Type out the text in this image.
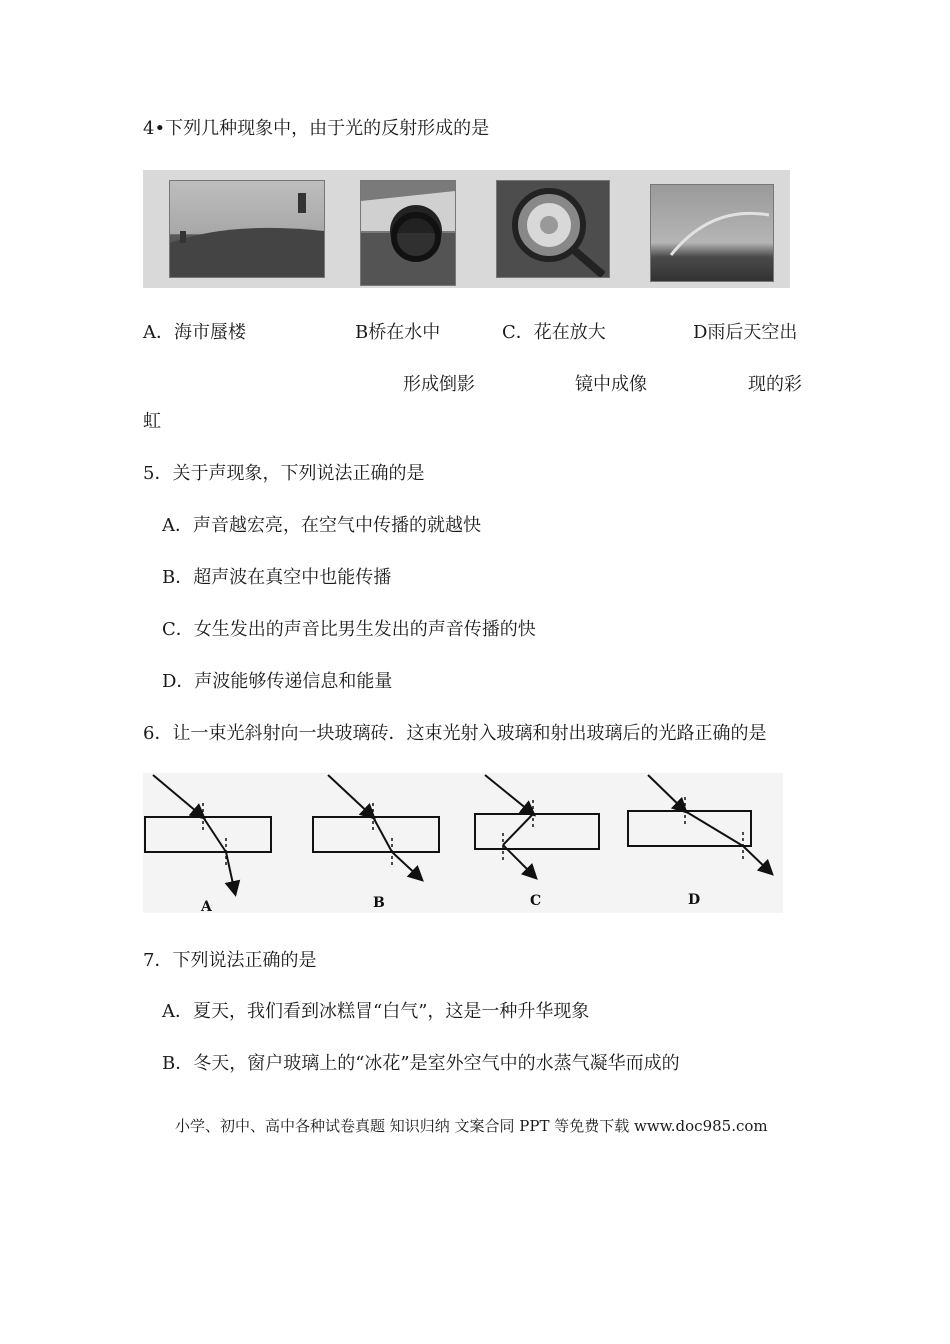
4•下列几种现象中，由于光的反射形成的是
A．海市蜃楼	B桥在水中	C．花在放大	D雨后天空出
形成倒影	镜中成像	现的彩
虹
5．关于声现象，下列说法正确的是
A．声音越宏亮，在空气中传播的就越快
B．超声波在真空中也能传播
C．女生发出的声音比男生发出的声音传播的快
D．声波能够传递信息和能量
6．让一束光斜射向一块玻璃砖．这束光射入玻璃和射出玻璃后的光路正确的是
A	B	C	D
7．下列说法正确的是
A．夏天，我们看到冰糕冒“白气”，这是一种升华现象
B．冬天，窗户玻璃上的“冰花”是室外空气中的水蒸气凝华而成的
小学、初中、高中各种试卷真题 知识归纳 文案合同 PPT 等免费下载 www.doc985.com
